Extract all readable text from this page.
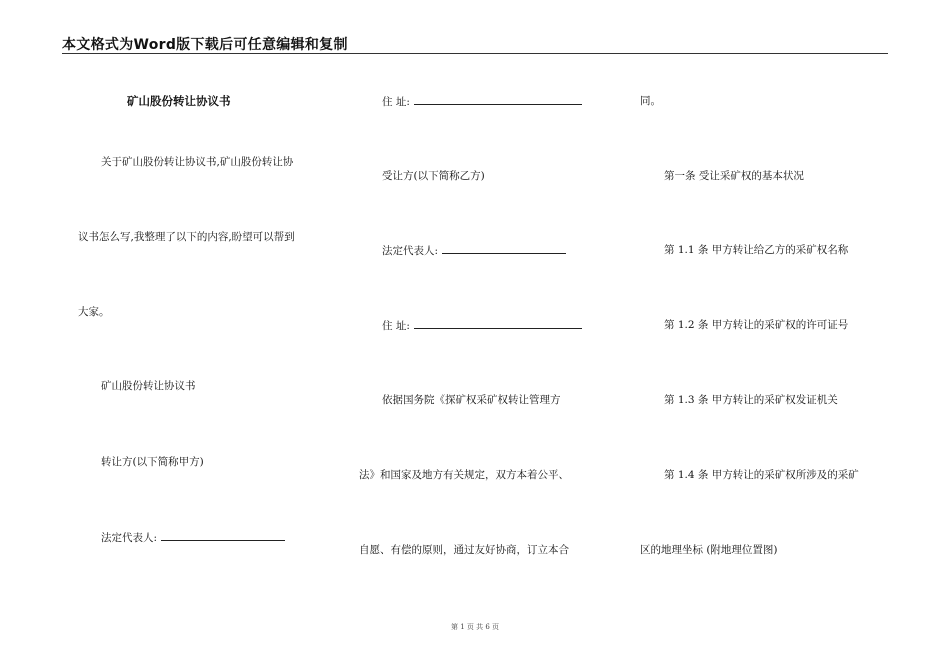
本文格式为Word版下载后可任意编辑和复制
矿山股份转让协议书
关于矿山股份转让协议书,矿山股份转让协
议书怎么写,我整理了以下的内容,盼望可以帮到
大家。
矿山股份转让协议书
转让方(以下简称甲方)
法定代表人:
住 址:
受让方(以下简称乙方)
法定代表人:
住 址:
依据国务院《探矿权采矿权转让管理方
法》和国家及地方有关规定，双方本着公平、
自愿、有偿的原则，通过友好协商，订立本合
同。
第一条 受让采矿权的基本状况
第 1.1 条 甲方转让给乙方的采矿权名称
第 1.2 条 甲方转让的采矿权的许可证号
第 1.3 条 甲方转让的采矿权发证机关
第 1.4 条 甲方转让的采矿权所涉及的采矿
区的地理坐标 (附地理位置图)
第 1 页 共 6 页
